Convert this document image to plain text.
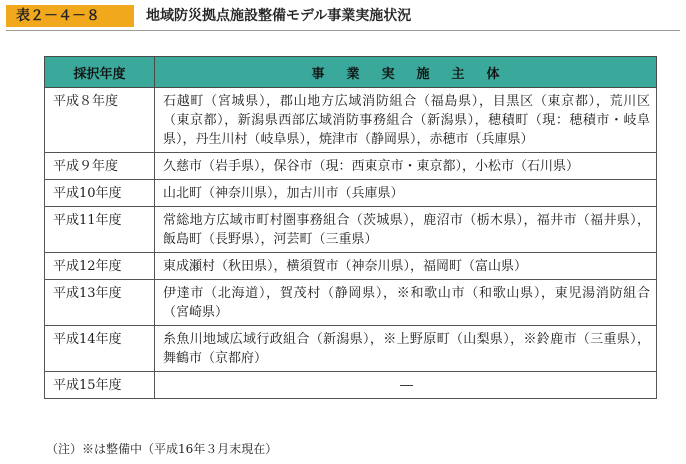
表２－４－８	地域防災拠点施設整備モデル事業実施状況
採択年度	事業実施主体
平成８年度	石越町（宮城県），郡山地方広域消防組合（福島県），目黒区（東京都），荒川区（東京都），新潟県西部広域消防事務組合（新潟県），穂積町（現：穂積市・岐阜県），丹生川村（岐阜県），焼津市（静岡県），赤穂市（兵庫県）
平成９年度	久慈市（岩手県），保谷市（現：西東京市・東京都），小松市（石川県）
平成10年度	山北町（神奈川県），加古川市（兵庫県）
平成11年度	常総地方広域市町村圏事務組合（茨城県），鹿沼市（栃木県），福井市（福井県），飯島町（長野県），河芸町（三重県）
平成12年度	東成瀬村（秋田県），横須賀市（神奈川県），福岡町（富山県）
平成13年度	伊達市（北海道），賀茂村（静岡県），※和歌山市（和歌山県），東児湯消防組合（宮崎県）
平成14年度	糸魚川地域広域行政組合（新潟県），※上野原町（山梨県），※鈴鹿市（三重県），舞鶴市（京都府）
平成15年度	―
（注）※は整備中（平成16年３月末現在）
